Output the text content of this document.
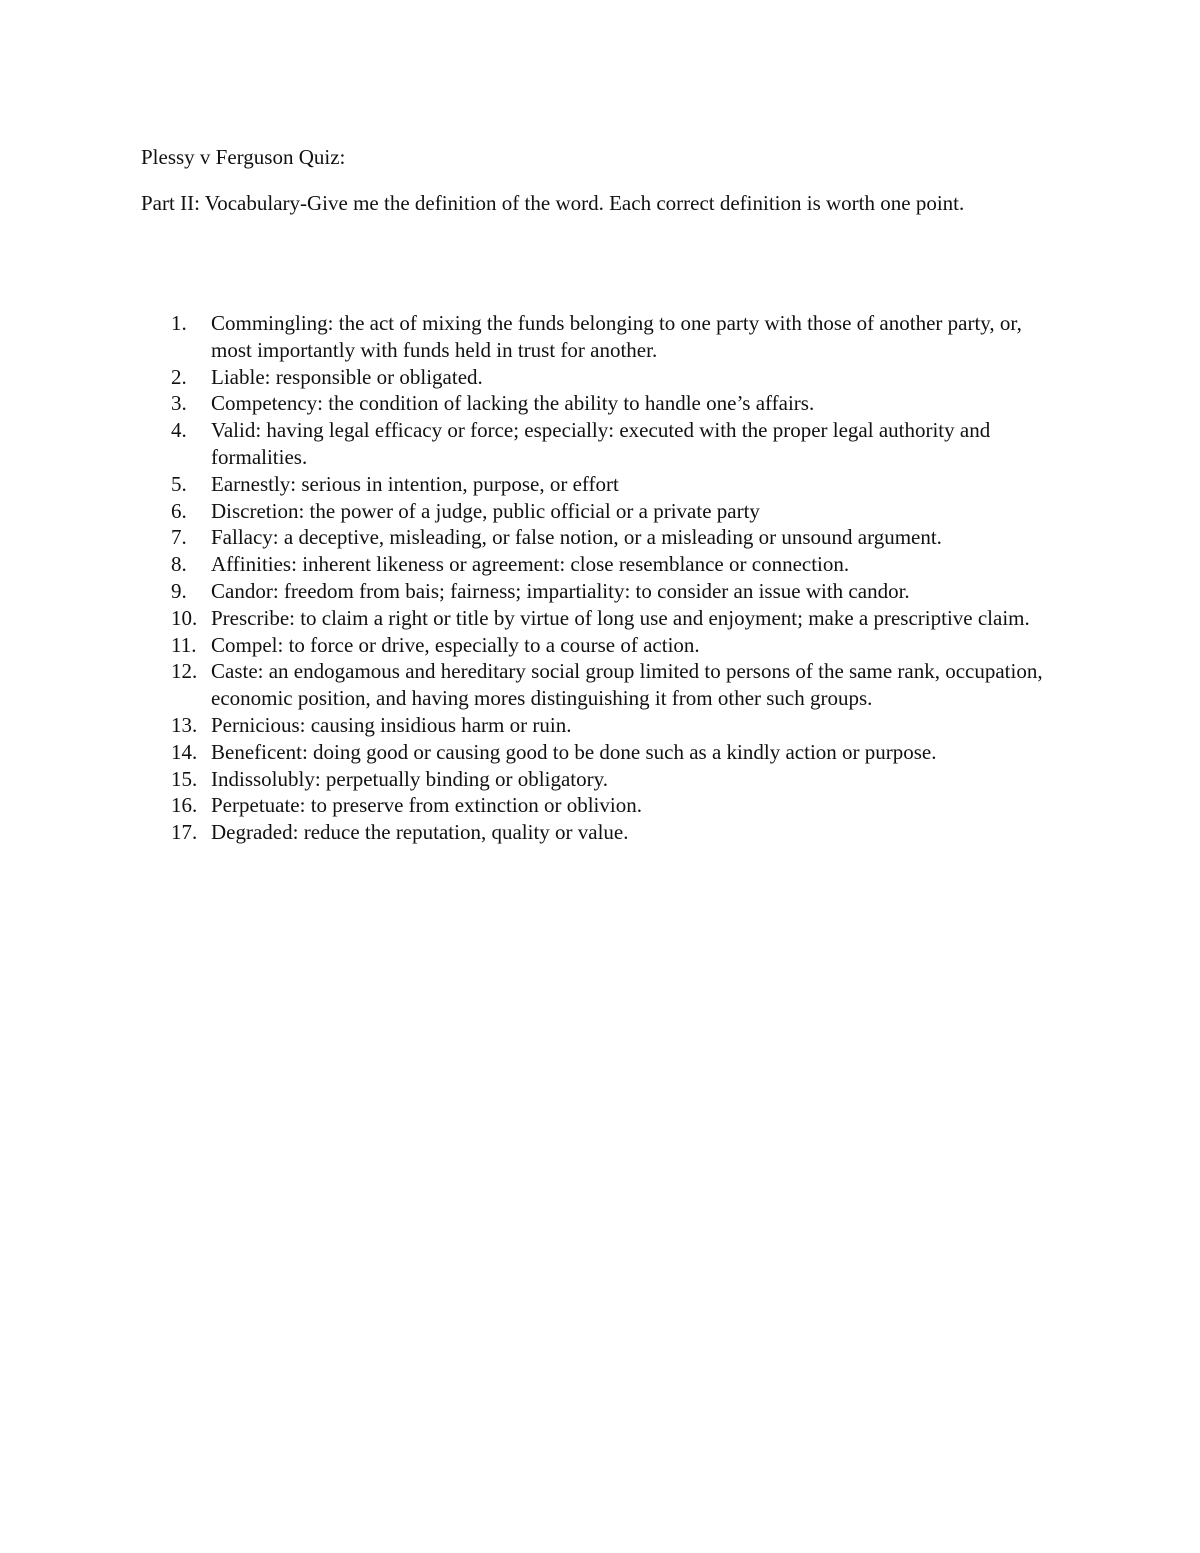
Plessy v Ferguson Quiz:

Part II: Vocabulary-Give me the definition of the word. Each correct definition is worth one point.

1.	Commingling: the act of mixing the funds belonging to one party with those of another party, or, most importantly with funds held in trust for another.
2.	Liable: responsible or obligated.
3.	Competency: the condition of lacking the ability to handle one’s affairs.
4.	Valid: having legal efficacy or force; especially: executed with the proper legal authority and formalities.
5.	Earnestly: serious in intention, purpose, or effort
6.	Discretion: the power of a judge, public official or a private party
7.	Fallacy: a deceptive, misleading, or false notion, or a misleading or unsound argument.
8.	Affinities: inherent likeness or agreement: close resemblance or connection.
9.	Candor: freedom from bais; fairness; impartiality: to consider an issue with candor.
10. Prescribe: to claim a right or title by virtue of long use and enjoyment; make a prescriptive claim.
11. Compel: to force or drive, especially to a course of action.
12. Caste: an endogamous and hereditary social group limited to persons of the same rank, occupation, economic position, and having mores distinguishing it from other such groups.
13. Pernicious: causing insidious harm or ruin.
14. Beneficent: doing good or causing good to be done such as a kindly action or purpose.
15. Indissolubly: perpetually binding or obligatory.
16. Perpetuate: to preserve from extinction or oblivion.
17. Degraded: reduce the reputation, quality or value.
